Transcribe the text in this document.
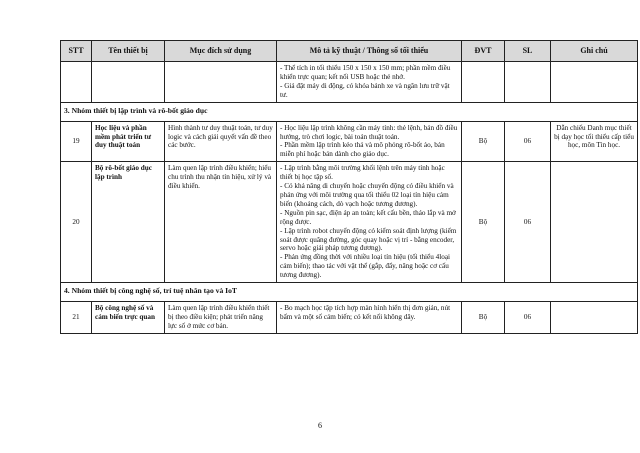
STT	Tên thiết bị	Mục đích sử dụng	Mô tả kỹ thuật / Thông số tối thiểu	ĐVT	SL	Ghi chú

			- Thể tích in tối thiểu 150 x 150 x 150 mm; phần mềm điều khiển trực quan; kết nối USB hoặc thẻ nhớ.
- Giá đặt máy di động, có khóa bánh xe và ngăn lưu trữ vật tư.			

3. Nhóm thiết bị lập trình và rô-bốt giáo dục						
19	Học liệu và phần mềm phát triển tư duy thuật toán	Hình thành tư duy thuật toán, tư duy logic và cách giải quyết vấn đề theo các bước.	- Học liệu lập trình không cần máy tính: thẻ lệnh, bản đồ điều hướng, trò chơi logic, bài toán thuật toán.
- Phần mềm lập trình kéo thả và mô phỏng rô-bốt ảo, bản miễn phí hoặc bản dành cho giáo dục.	Bộ	06	Dẫn chiếu Danh mục thiết bị dạy học tối thiểu cấp tiểu học, môn Tin học.
20	Bộ rô-bốt giáo dục lập trình	Làm quen lập trình điều khiển; hiểu chu trình thu nhận tín hiệu, xử lý và điều khiển.	- Lập trình bằng môi trường khối lệnh trên máy tính hoặc thiết bị học tập số.
- Có khả năng di chuyển hoặc chuyển động có điều khiển và phản ứng với môi trường qua tối thiểu 02 loại tín hiệu cảm biến (khoảng cách, dò vạch hoặc tương đương).
- Nguồn pin sạc, điện áp an toàn; kết cấu bền, tháo lắp và mở rộng được.
- Lập trình robot chuyển động có kiểm soát định lượng (kiểm soát được quãng đường, góc quay hoặc vị trí - bằng encoder, servo hoặc giải pháp tương đương).
- Phản ứng đồng thời với nhiều loại tín hiệu (tối thiểu 4loại cảm biến); thao tác với vật thể (gắp, đẩy, nâng hoặc cơ cấu tương đương).	Bộ	06	
4. Nhóm thiết bị công nghệ số, trí tuệ nhân tạo và IoT						
21	Bộ công nghệ số và cảm biến trực quan	Làm quen lập trình điều khiển thiết bị theo điều kiện; phát triển năng lực số ở mức cơ bản.	- Bo mạch học tập tích hợp màn hình hiển thị đơn giản, nút bấm và một số cảm biến; có kết nối không dây.	Bộ	06	
6
